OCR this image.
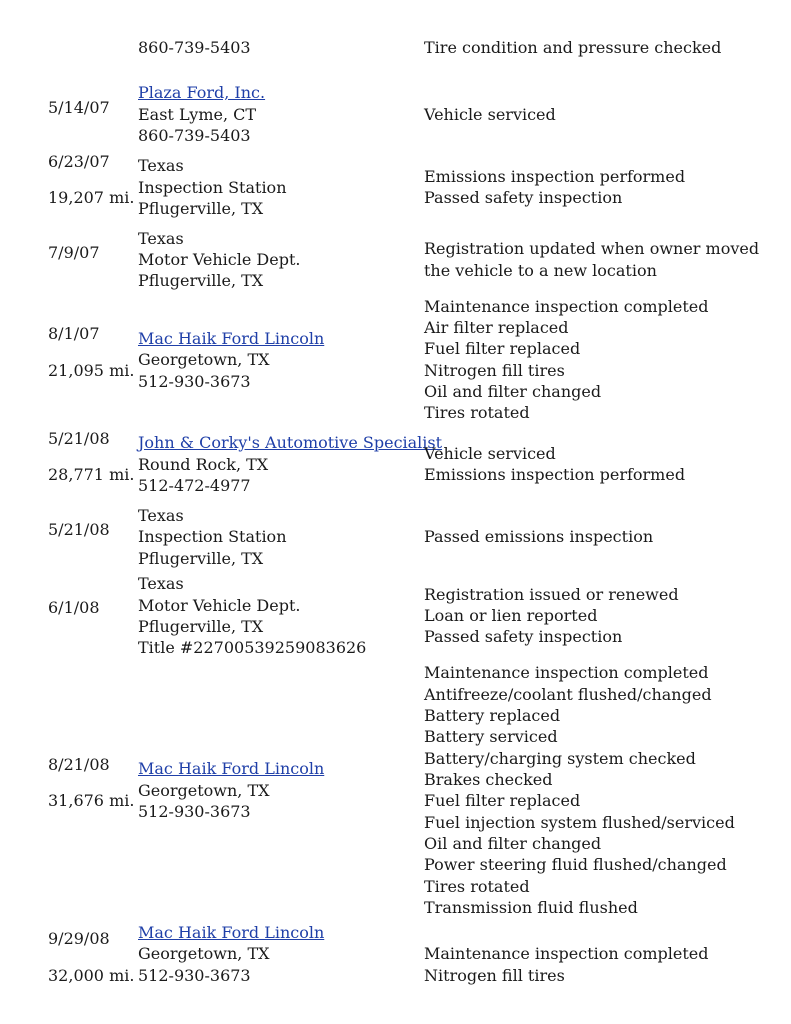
860-739-5403	Tire condition and pressure checked
5/14/07
Plaza Ford, Inc.
East Lyme, CT
860-739-5403
Vehicle serviced
6/23/07
19,207 mi.
Texas
Inspection Station
Pflugerville, TX
Emissions inspection performed
Passed safety inspection
7/9/07
Texas
Motor Vehicle Dept.
Pflugerville, TX
Registration updated when owner moved
the vehicle to a new location
8/1/07
21,095 mi.
Mac Haik Ford Lincoln
Georgetown, TX
512-930-3673
Maintenance inspection completed
Air filter replaced
Fuel filter replaced
Nitrogen fill tires
Oil and filter changed
Tires rotated
5/21/08
28,771 mi.
John & Corky's Automotive Specialist
Round Rock, TX
512-472-4977
Vehicle serviced
Emissions inspection performed
5/21/08
Texas
Inspection Station
Pflugerville, TX
Passed emissions inspection
6/1/08
Texas
Motor Vehicle Dept.
Pflugerville, TX
Title #22700539259083626
Registration issued or renewed
Loan or lien reported
Passed safety inspection
8/21/08
31,676 mi.
Mac Haik Ford Lincoln
Georgetown, TX
512-930-3673
Maintenance inspection completed
Antifreeze/coolant flushed/changed
Battery replaced
Battery serviced
Battery/charging system checked
Brakes checked
Fuel filter replaced
Fuel injection system flushed/serviced
Oil and filter changed
Power steering fluid flushed/changed
Tires rotated
Transmission fluid flushed
9/29/08
32,000 mi.
Mac Haik Ford Lincoln
Georgetown, TX
512-930-3673
Maintenance inspection completed
Nitrogen fill tires
